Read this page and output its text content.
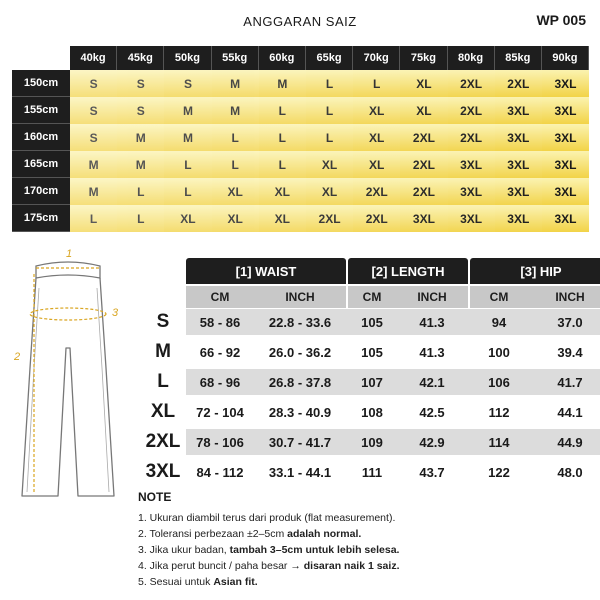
ANGGARAN SAIZ	WP 005
40kg	45kg	50kg	55kg	60kg	65kg	70kg	75kg	80kg	85kg	90kg
150cm	S	S	S	M	M	L	L	XL	2XL	2XL	3XL
155cm	S	S	M	M	L	L	XL	XL	2XL	3XL	3XL
160cm	S	M	M	L	L	L	XL	2XL	2XL	3XL	3XL
165cm	M	M	L	L	L	XL	XL	2XL	3XL	3XL	3XL
170cm	M	L	L	XL	XL	XL	2XL	2XL	3XL	3XL	3XL
175cm	L	L	XL	XL	XL	2XL	2XL	3XL	3XL	3XL	3XL
1
3
2
[1] WAIST	[2] LENGTH	[3] HIP
CM	INCH	CM	INCH	CM	INCH
S	58 - 86	22.8 - 33.6	105	41.3	94	37.0
M	66 - 92	26.0 - 36.2	105	41.3	100	39.4
L	68 - 96	26.8 - 37.8	107	42.1	106	41.7
XL	72 - 104	28.3 - 40.9	108	42.5	112	44.1
2XL	78 - 106	30.7 - 41.7	109	42.9	114	44.9
3XL	84 - 112	33.1 - 44.1	111	43.7	122	48.0
NOTE
1. Ukuran diambil terus dari produk (flat measurement).
2. Toleransi perbezaan ±2–5cm adalah normal.
3. Jika ukur badan, tambah 3–5cm untuk lebih selesa.
4. Jika perut buncit / paha besar → disaran naik 1 saiz.
5. Sesuai untuk Asian fit.
